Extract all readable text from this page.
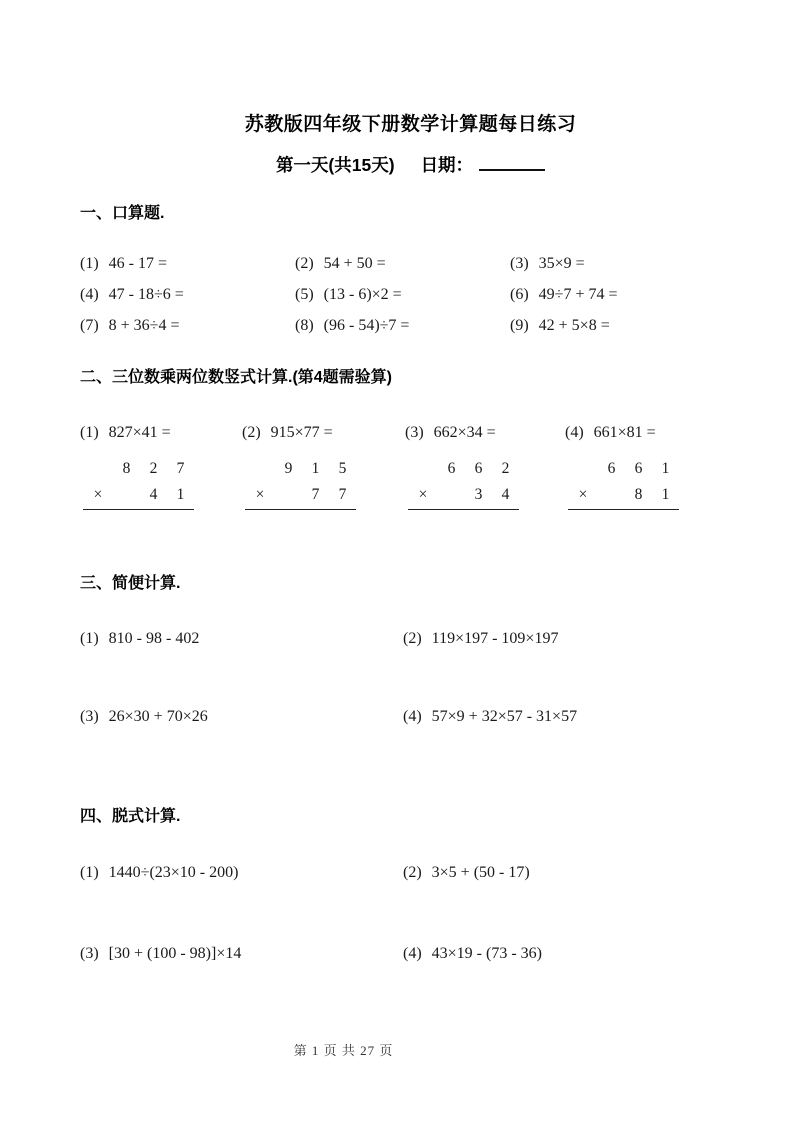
苏教版四年级下册数学计算题每日练习
第一天(共15天) 日期：
一、口算题.
(1) 46 - 17 =	(2) 54 + 50 =	(3) 35×9 =
(4) 47 - 18÷6 =	(5) (13 - 6)×2 =	(6) 49÷7 + 74 =
(7) 8 + 36÷4 =	(8) (96 - 54)÷7 =	(9) 42 + 5×8 =
二、三位数乘两位数竖式计算.(第4题需验算)
(1) 827×41 =	(2) 915×77 =	(3) 662×34 =	(4) 661×81 =
8	2	7
×	4	1
9	1	5
×	7	7
6	6	2
×	3	4
6	6	1
×	8	1
三、简便计算.
(1) 810 - 98 - 402	(2) 119×197 - 109×197
(3) 26×30 + 70×26	(4) 57×9 + 32×57 - 31×57
四、脱式计算.
(1) 1440÷(23×10 - 200)	(2) 3×5 + (50 - 17)
(3) [30 + (100 - 98)]×14	(4) 43×19 - (73 - 36)
第 1 页 共 27 页
